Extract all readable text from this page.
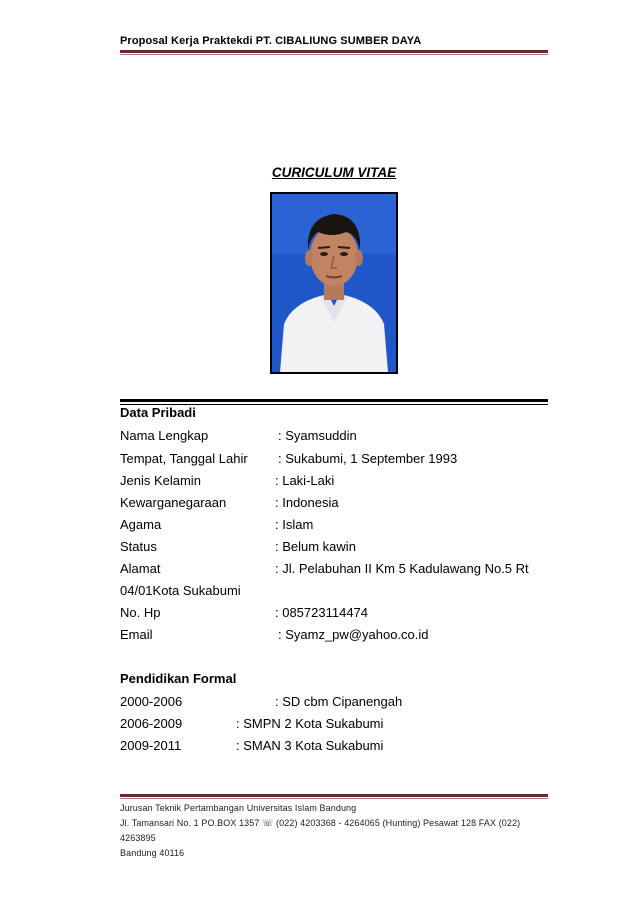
Proposal Kerja Praktekdi PT. CIBALIUNG SUMBER DAYA
CURICULUM VITAE
Data Pribadi
Nama Lengkap	: Syamsuddin
Tempat, Tanggal Lahir : Sukabumi, 1 September 1993
Jenis Kelamin	: Laki-Laki
Kewarganegaraan	: Indonesia
Agama	: Islam
Status	: Belum kawin
Alamat	: Jl. Pelabuhan II Km 5 Kadulawang No.5 Rt
04/01Kota Sukabumi
No. Hp	: 085723114474
Email	: Syamz_pw@yahoo.co.id
Pendidikan Formal
2000-2006	: SD cbm Cipanengah
2006-2009	: SMPN 2 Kota Sukabumi
2009-2011	: SMAN 3 Kota Sukabumi
Jurusan Teknik Pertambangan Universitas Islam Bandung
Jl. Tamansari No. 1 PO.BOX 1357 ☏ (022) 4203368 - 4264065 (Hunting) Pesawat 128 FAX (022)
4263895
Bandung 40116
